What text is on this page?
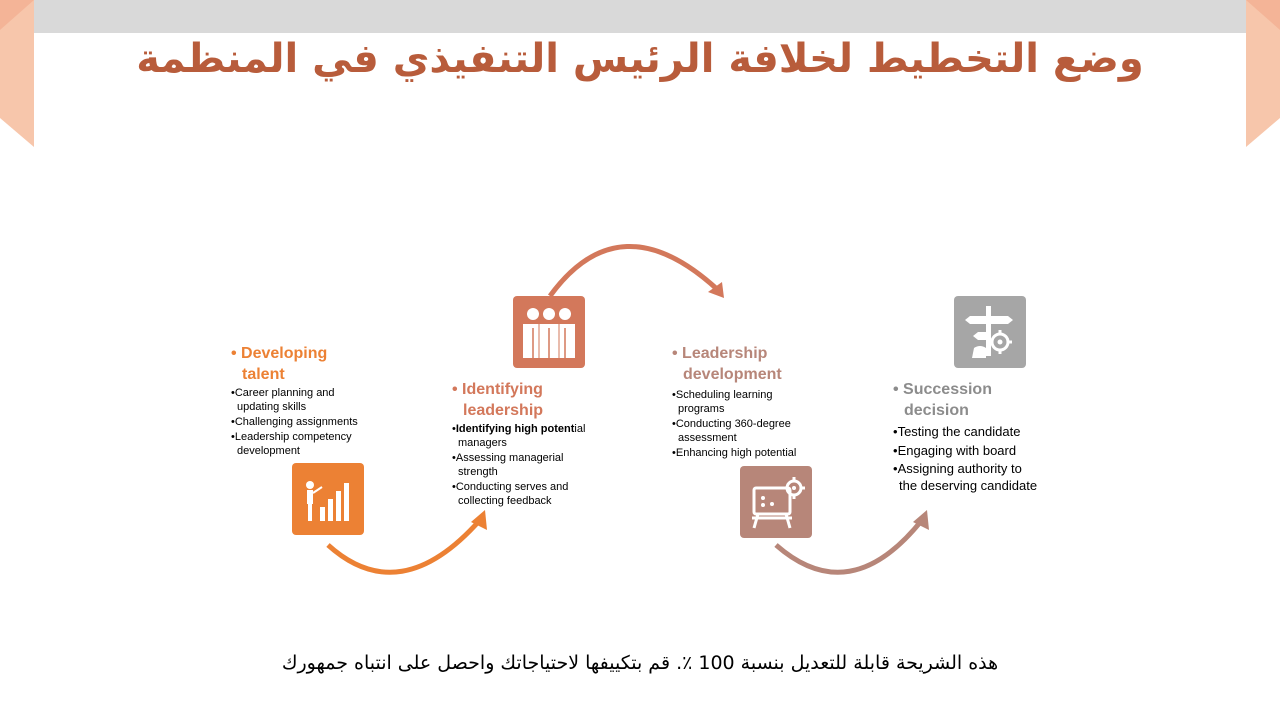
وضع التخطيط لخلافة الرئيس التنفيذي في المنظمة
• Developing
talent
•Career planning and updating skills
•Challenging assignments
•Leadership competency development
• Identifying
leadership
•Identifying high potential managers
•Assessing managerial strength
•Conducting serves and collecting feedback
• Leadership
development
•Scheduling learning programs
•Conducting 360-degree assessment
•Enhancing high potential
• Succession
decision
•Testing the candidate
•Engaging with board
•Assigning authority to the deserving candidate
هذه الشريحة قابلة للتعديل بنسبة 100 ٪. قم بتكييفها لاحتياجاتك واحصل على انتباه جمهورك
